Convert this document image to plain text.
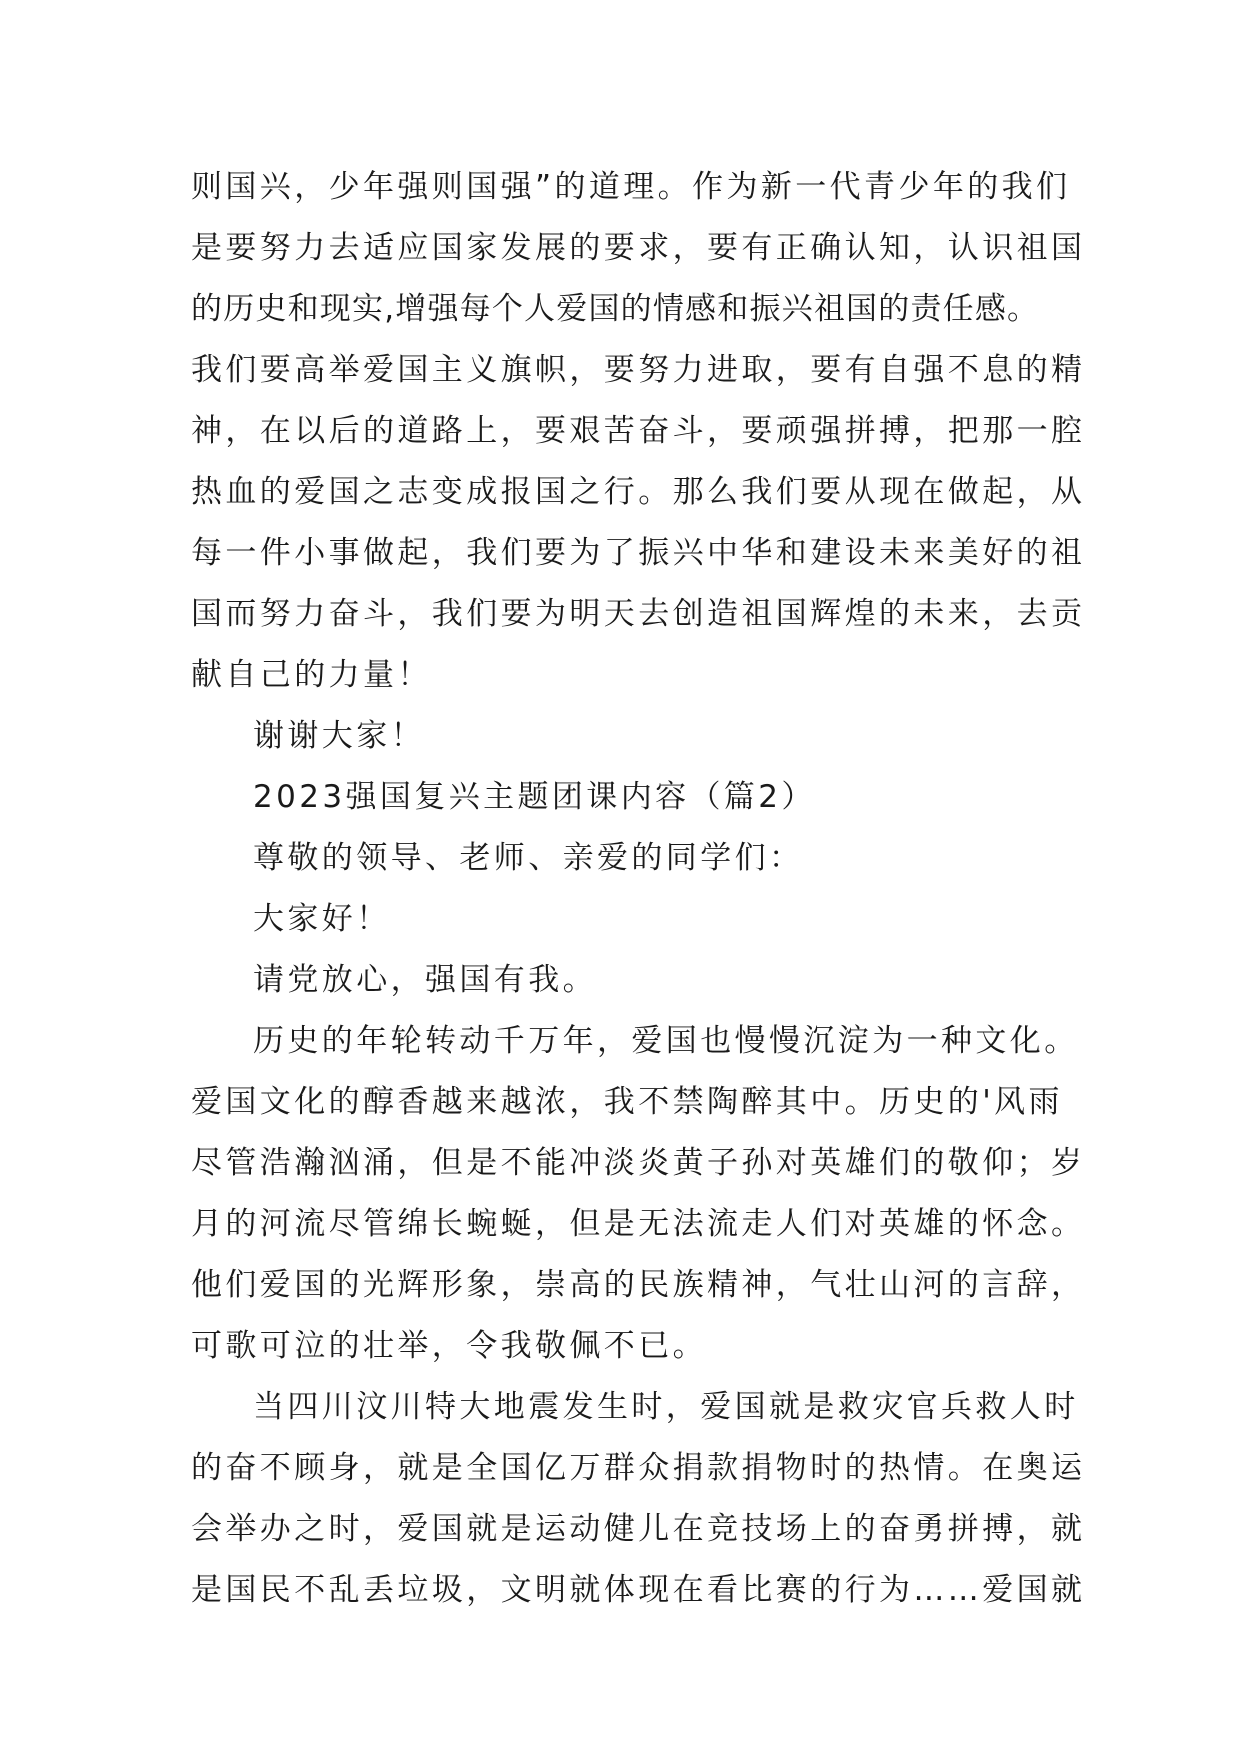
则国兴，少年强则国强”的道理。作为新一代青少年的我们
是要努力去适应国家发展的要求，要有正确认知，认识祖国
的历史和现实,增强每个人爱国的情感和振兴祖国的责任感。
我们要高举爱国主义旗帜，要努力进取，要有自强不息的精
神，在以后的道路上，要艰苦奋斗，要顽强拼搏，把那一腔
热血的爱国之志变成报国之行。那么我们要从现在做起，从
每一件小事做起，我们要为了振兴中华和建设未来美好的祖
国而努力奋斗，我们要为明天去创造祖国辉煌的未来，去贡
献自己的力量！
谢谢大家！
2023强国复兴主题团课内容（篇2）
尊敬的领导、老师、亲爱的同学们：
大家好！
请党放心，强国有我。
历史的年轮转动千万年，爱国也慢慢沉淀为一种文化。
爱国文化的醇香越来越浓，我不禁陶醉其中。历史的'风雨
尽管浩瀚汹涌，但是不能冲淡炎黄子孙对英雄们的敬仰；岁
月的河流尽管绵长蜿蜒，但是无法流走人们对英雄的怀念。
他们爱国的光辉形象，崇高的民族精神，气壮山河的言辞，
可歌可泣的壮举，令我敬佩不已。
当四川汶川特大地震发生时，爱国就是救灾官兵救人时
的奋不顾身，就是全国亿万群众捐款捐物时的热情。在奥运
会举办之时，爱国就是运动健儿在竞技场上的奋勇拼搏，就
是国民不乱丢垃圾，文明就体现在看比赛的行为……爱国就
